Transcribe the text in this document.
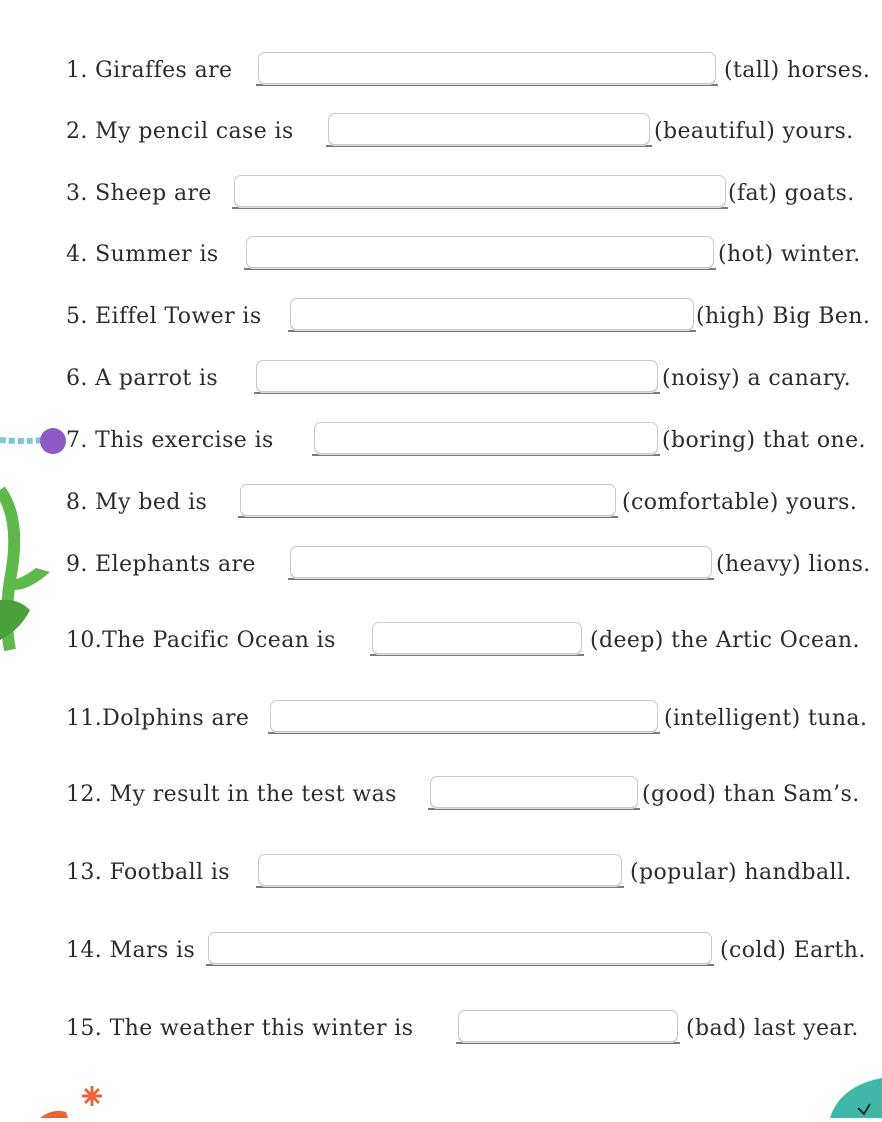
1. Giraffes are	(tall) horses.
2. My pencil case is	(beautiful) yours.
3. Sheep are	(fat) goats.
4. Summer is	(hot) winter.
5. Eiffel Tower is	(high) Big Ben.
6. A parrot is	(noisy) a canary.
7. This exercise is	(boring) that one.
8. My bed is	(comfortable) yours.
9. Elephants are	(heavy) lions.
10.The Pacific Ocean is	(deep) the Artic Ocean.
11.Dolphins are	(intelligent) tuna.
12. My result in the test was	(good) than Sam’s.
13. Football is	(popular) handball.
14. Mars is	(cold) Earth.
15. The weather this winter is	(bad) last year.
